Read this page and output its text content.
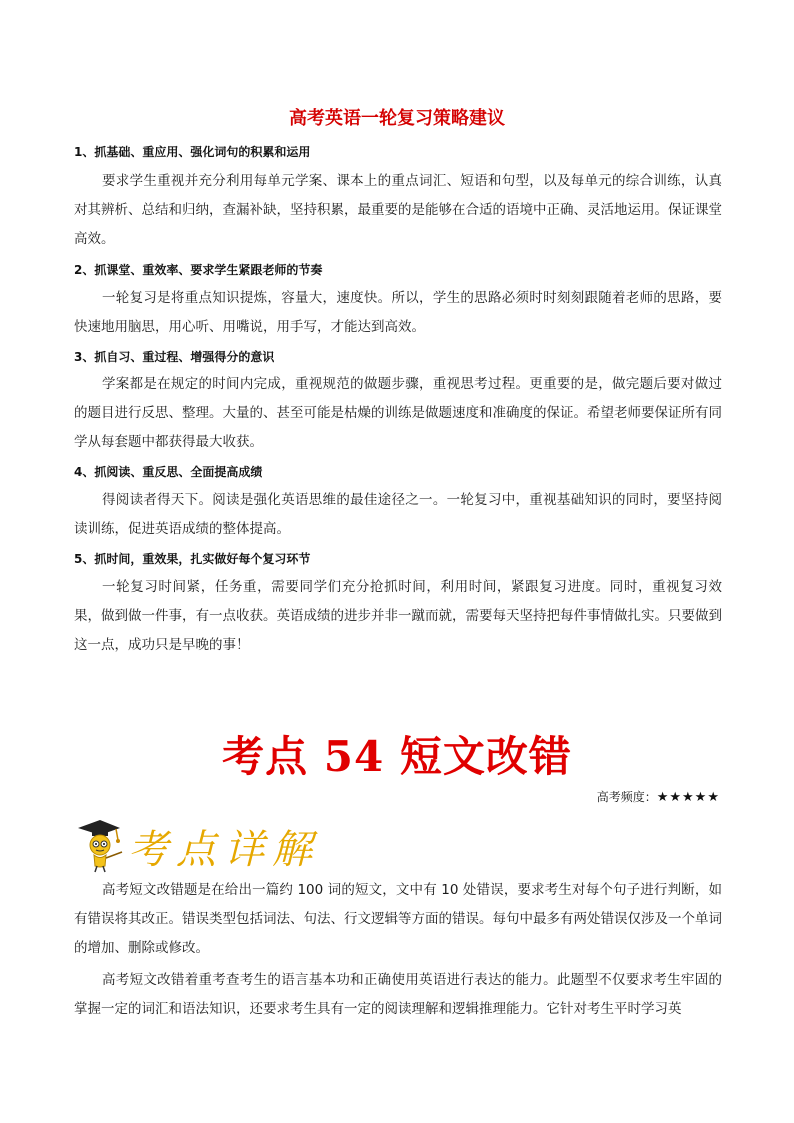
高考英语一轮复习策略建议
1、抓基础、重应用、强化词句的积累和运用

要求学生重视并充分利用每单元学案、课本上的重点词汇、短语和句型，以及每单元的综合训练，认真对其辨析、总结和归纳，查漏补缺，坚持积累，最重要的是能够在合适的语境中正确、灵活地运用。保证课堂高效。

2、抓课堂、重效率、要求学生紧跟老师的节奏

一轮复习是将重点知识提炼，容量大，速度快。所以，学生的思路必须时时刻刻跟随着老师的思路，要快速地用脑思，用心听、用嘴说，用手写，才能达到高效。

3、抓自习、重过程、增强得分的意识

学案都是在规定的时间内完成，重视规范的做题步骤，重视思考过程。更重要的是，做完题后要对做过的题目进行反思、整理。大量的、甚至可能是枯燥的训练是做题速度和准确度的保证。希望老师要保证所有同学从每套题中都获得最大收获。

4、抓阅读、重反思、全面提高成绩

得阅读者得天下。阅读是强化英语思维的最佳途径之一。一轮复习中，重视基础知识的同时，要坚持阅读训练，促进英语成绩的整体提高。

5、抓时间，重效果，扎实做好每个复习环节

一轮复习时间紧，任务重，需要同学们充分抢抓时间，利用时间，紧跟复习进度。同时，重视复习效果，做到做一件事，有一点收获。英语成绩的进步并非一蹴而就，需要每天坚持把每件事情做扎实。只要做到这一点，成功只是早晚的事！

考点 54 短文改错
高考频度：★★★★★
考点详解

高考短文改错题是在给出一篇约 100 词的短文，文中有 10 处错误，要求考生对每个句子进行判断，如有错误将其改正。错误类型包括词法、句法、行文逻辑等方面的错误。每句中最多有两处错误仅涉及一个单词的增加、删除或修改。

高考短文改错着重考查考生的语言基本功和正确使用英语进行表达的能力。此题型不仅要求考生牢固的掌握一定的词汇和语法知识，还要求考生具有一定的阅读理解和逻辑推理能力。它针对考生平时学习英
